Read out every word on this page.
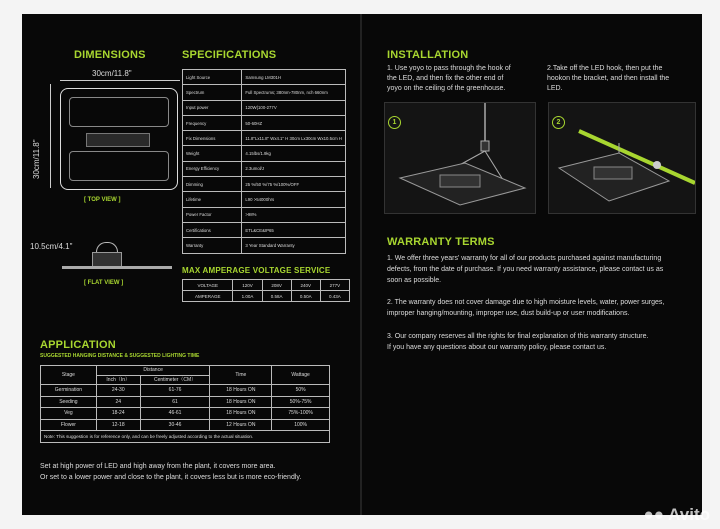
DIMENSIONS
30cm/11.8"
30cm/11.8"
[ TOP VIEW ]
10.5cm/4.1"
[ FLAT VIEW ]
SPECIFICATIONS
Light Source	Samsung LM301H
Spectrum	Full Spectrums; 380nm-780nm, nch 660nm
Input power	120W(100-277V
Frequency	50-60HZ
Fix Dimensions	11.8"Lx11.8" Wx4.1" H 30cm Lx30cm Wx10.5cm H
Weight	4.15lbs/1.9kg
Energy Efficiency	2.3umol/J
Dimming	25 %/50 %/75 %/100%/OFF
Lifetime	L90 >54000hrs
Power Factor	>98%
Certifications	ETL&CE&IP65
Warranty	3 Year Standard Warranty
MAX AMPERAGE VOLTAGE SERVICE
VOLTAGE	120V	208V	240V	277V
AMPERAGE	1.00A	0.58A	0.50A	0.43A
APPLICATION
SUGGESTED HANGING DISTANCE & SUGGESTED LIGHTING TIME
Stage	Distance		Time	Wattage
	Inch（In）	Centimeter（CM）		
Germination	24-30	61-76	18 Hours ON	50%
Seeding	24	61	18 Hours ON	50%-75%
Veg	18-24	46-61	18 Hours ON	75%-100%
Flower	12-18	30-46	12 Hours ON	100%
Note: This suggestion is for reference only, and can be freely adjusted according to the actual situation.				
Set at high power of LED and high away from the plant, it covers more area.
Or set to a lower power and close to the plant, it covers less but is more eco-friendly.
INSTALLATION
1. Use yoyo to pass through the hook of
the LED, and then fix the other end of
yoyo on the ceiling of the greenhouse.
2.Take off the LED hook, then put the
hookon the bracket, and then install the
LED.
1	2
WARRANTY TERMS
1. We offer three years' warranty for all of our products purchased against manufacturing
defects, from the date of purchase. If you need warranty assistance, please contact us as
soon as possible.
2. The warranty does not cover damage due to high moisture levels, water, power surges,
improper hanging/mounting, improper use, dust build-up or user modifications.
3. Our company reserves all the rights for final explanation of this warranty structure.
If you have any questions about our warranty policy, please contact us.
●● Avito
